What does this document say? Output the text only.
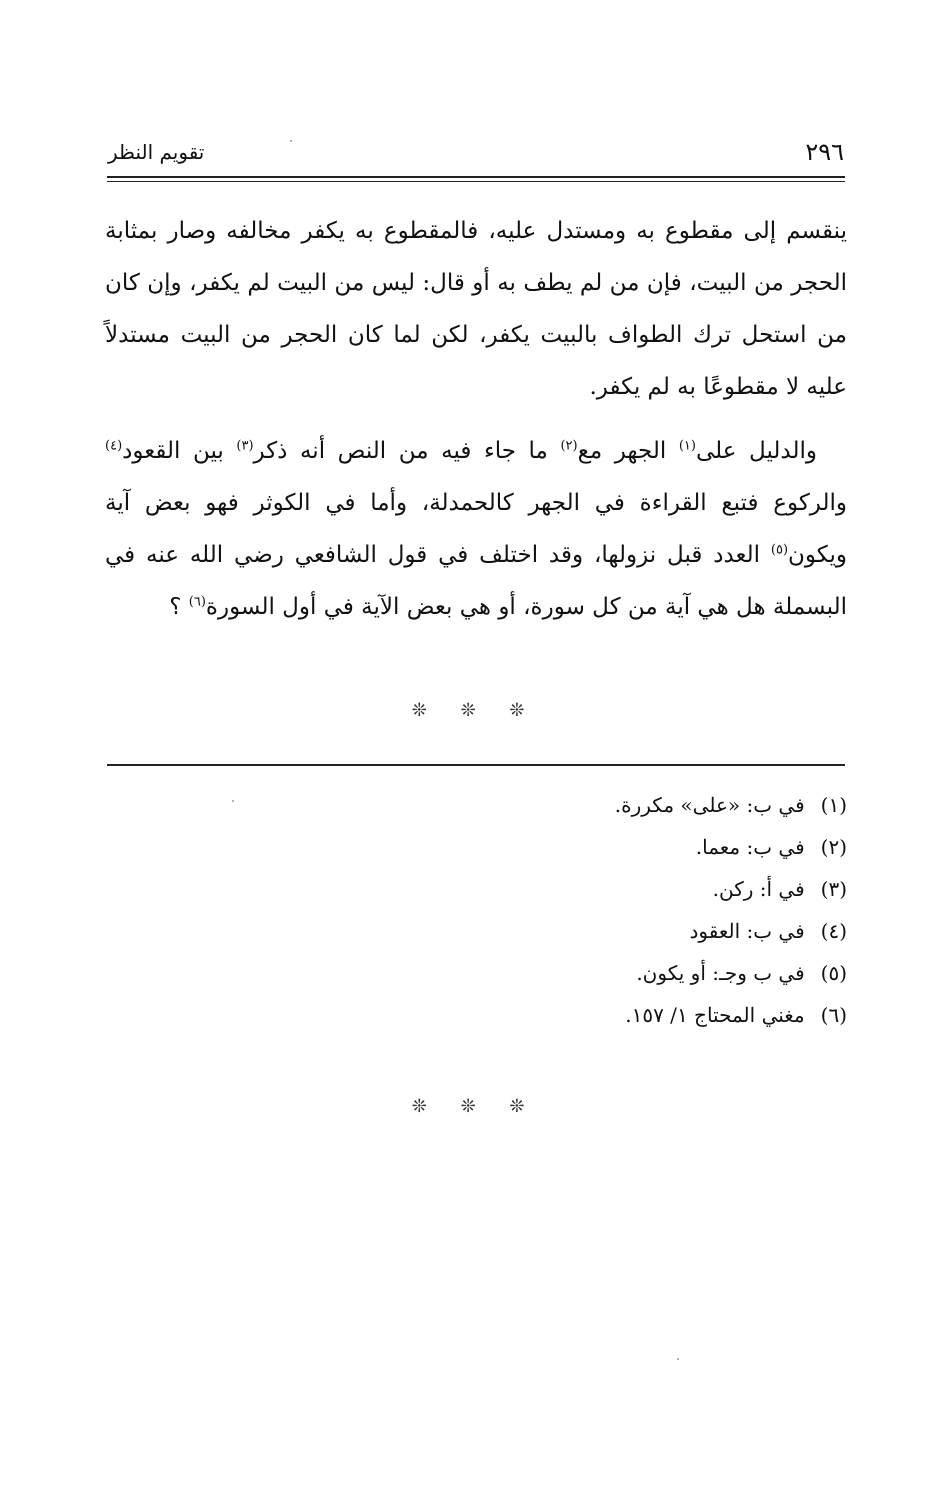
٢٩٦
تقويم النظر

ينقسم إلى مقطوع به ومستدل عليه، فالمقطوع به يكفر مخالفه وصار بمثابة الحجر من البيت، فإن من لم يطف به أو قال: ليس من البيت لم يكفر، وإن كان من استحل ترك الطواف بالبيت يكفر، لكن لما كان الحجر من البيت مستدلاً عليه لا مقطوعًا به لم يكفر.

والدليل على$^{(١)}$ الجهر مع$^{(٢)}$ ما جاء فيه من النص أنه ذكر$^{(٣)}$ بين القعود$^{(٤)}$ والركوع فتبع القراءة في الجهر كالحمدلة، وأما في الكوثر فهو بعض آية ويكون$^{(٥)}$ العدد قبل نزولها، وقد اختلف في قول الشافعي رضي الله عنه في البسملة هل هي آية من كل سورة، أو هي بعض الآية في أول السورة$^{(٦)}$ ؟

❊ ❊ ❊
(١) في ب: «على» مكررة.
(٢) في ب: معما.
(٣) في أ: ركن.
(٤) في ب: العقود
(٥) في ب وجـ: أو يكون.
(٦) مغني المحتاج ١/ ١٥٧.
❊ ❊ ❊
